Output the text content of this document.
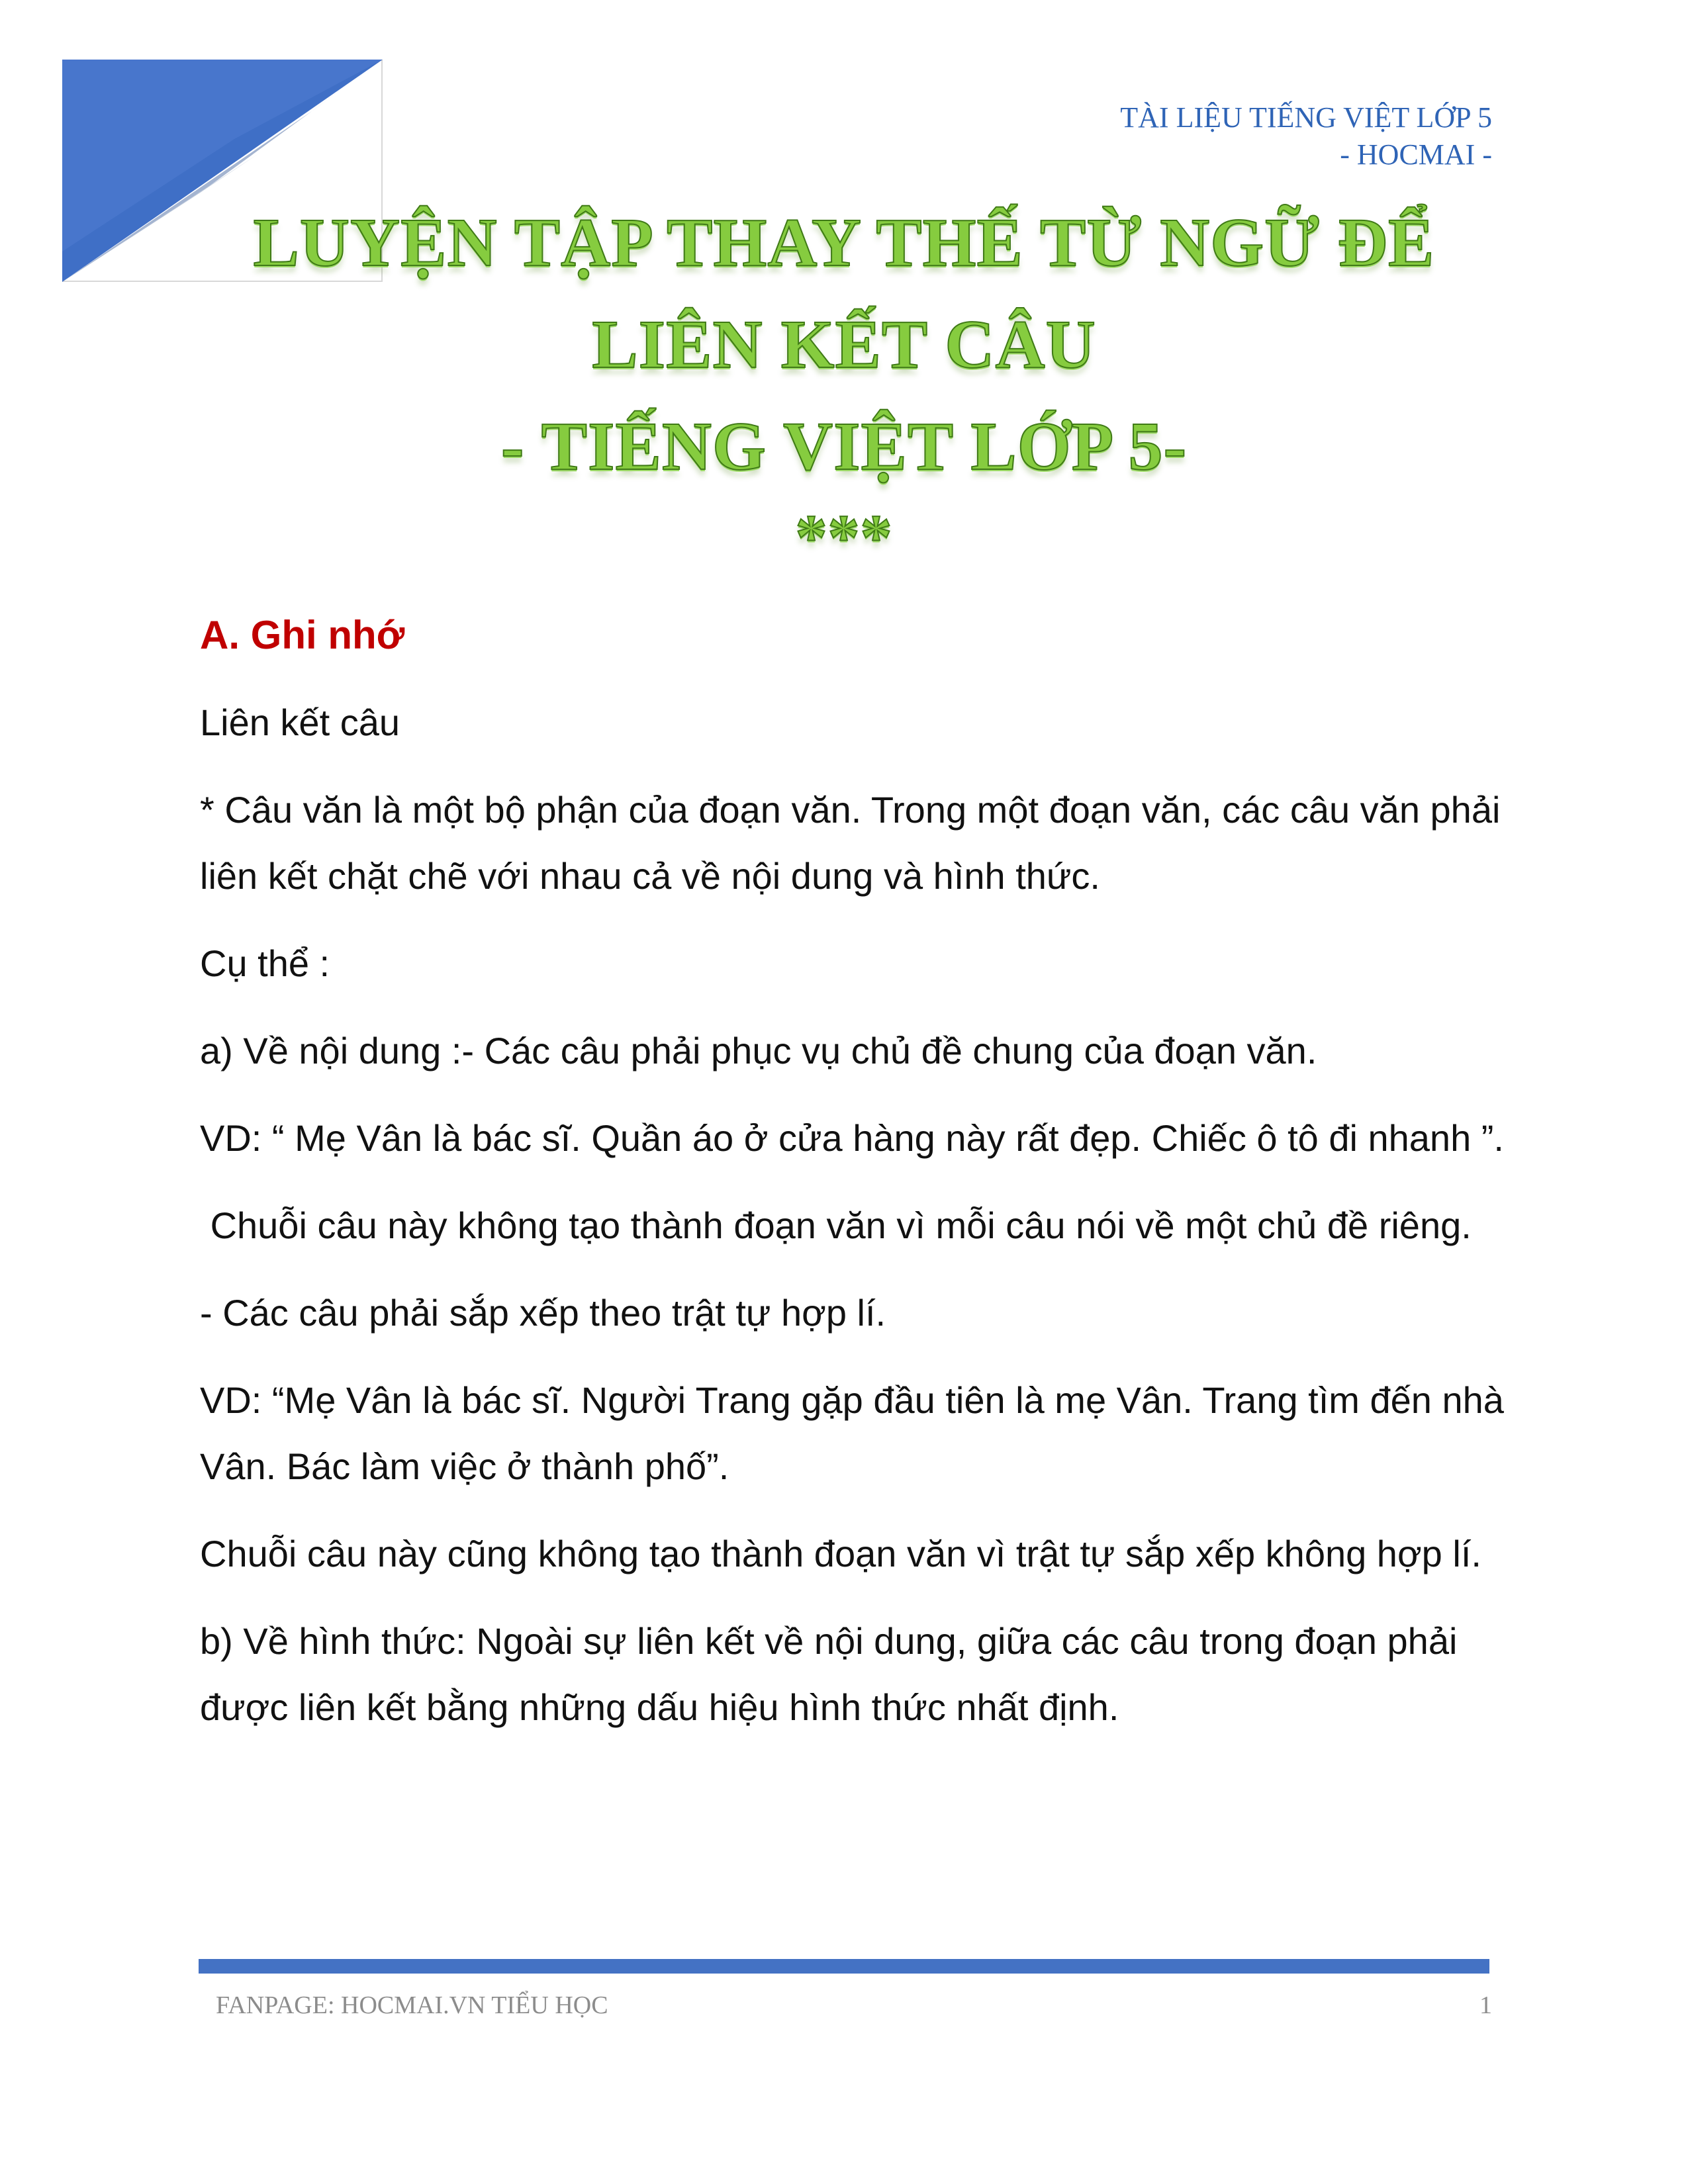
TÀI LIỆU TIẾNG VIỆT LỚP 5
- HOCMAI -
LUYỆN TẬP THAY THẾ TỪ NGỮ ĐỂ
LIÊN KẾT CÂU
- TIẾNG VIỆT LỚP 5-
***
A. Ghi nhớ
Liên kết câu
* Câu văn là một bộ phận của đoạn văn. Trong một đoạn văn, các câu văn phải liên kết chặt chẽ với nhau cả về nội dung và hình thức.
Cụ thể :
a) Về nội dung :- Các câu phải phục vụ chủ đề chung của đoạn văn.
VD: “ Mẹ Vân là bác sĩ. Quần áo ở cửa hàng này rất đẹp. Chiếc ô tô đi nhanh ”.
Chuỗi câu này không tạo thành đoạn văn vì mỗi câu nói về một chủ đề riêng.
- Các câu phải sắp xếp theo trật tự hợp lí.
VD: “Mẹ Vân là bác sĩ. Người Trang gặp đầu tiên là mẹ Vân. Trang tìm đến nhà Vân. Bác làm việc ở thành phố”.
Chuỗi câu này cũng không tạo thành đoạn văn vì trật tự sắp xếp không hợp lí.
b) Về hình thức: Ngoài sự liên kết về nội dung, giữa các câu trong đoạn phải được liên kết bằng những dấu hiệu hình thức nhất định.
FANPAGE: HOCMAI.VN TIỂU HỌC	1
